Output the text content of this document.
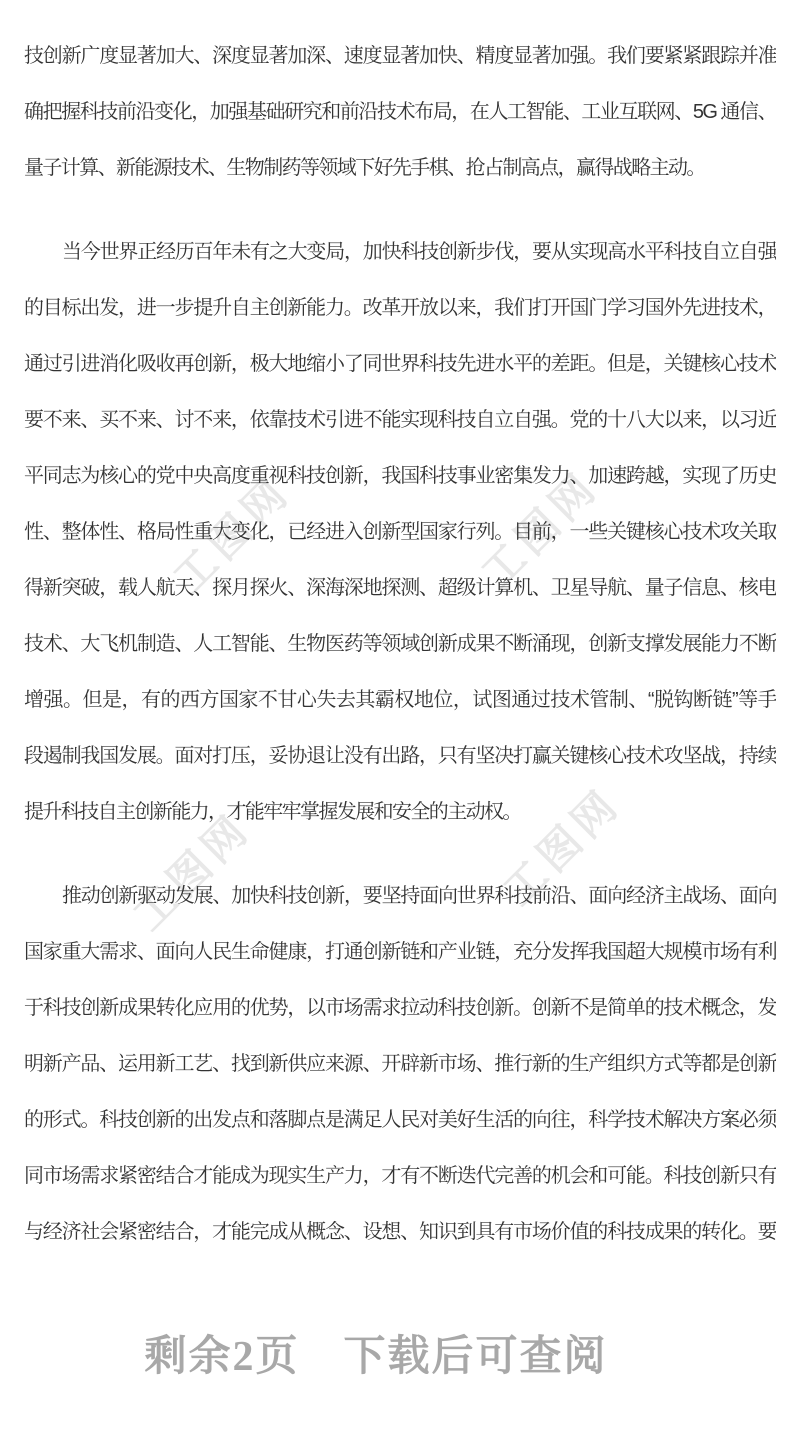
工图网	工图网
工图网	工图网
技创新广度显著加大、深度显著加深、速度显著加快、精度显著加强。我们要紧紧跟踪并准
确把握科技前沿变化，加强基础研究和前沿技术布局，在人工智能、工业互联网、5G 通信、
量子计算、新能源技术、生物制药等领域下好先手棋、抢占制高点，赢得战略主动。
当今世界正经历百年未有之大变局，加快科技创新步伐，要从实现高水平科技自立自强
的目标出发，进一步提升自主创新能力。改革开放以来，我们打开国门学习国外先进技术，
通过引进消化吸收再创新，极大地缩小了同世界科技先进水平的差距。但是，关键核心技术
要不来、买不来、讨不来，依靠技术引进不能实现科技自立自强。党的十八大以来，以习近
平同志为核心的党中央高度重视科技创新，我国科技事业密集发力、加速跨越，实现了历史
性、整体性、格局性重大变化，已经进入创新型国家行列。目前，一些关键核心技术攻关取
得新突破，载人航天、探月探火、深海深地探测、超级计算机、卫星导航、量子信息、核电
技术、大飞机制造、人工智能、生物医药等领域创新成果不断涌现，创新支撑发展能力不断
增强。但是，有的西方国家不甘心失去其霸权地位，试图通过技术管制、“脱钩断链”等手
段遏制我国发展。面对打压，妥协退让没有出路，只有坚决打赢关键核心技术攻坚战，持续
提升科技自主创新能力，才能牢牢掌握发展和安全的主动权。
推动创新驱动发展、加快科技创新，要坚持面向世界科技前沿、面向经济主战场、面向
国家重大需求、面向人民生命健康，打通创新链和产业链，充分发挥我国超大规模市场有利
于科技创新成果转化应用的优势，以市场需求拉动科技创新。创新不是简单的技术概念，发
明新产品、运用新工艺、找到新供应来源、开辟新市场、推行新的生产组织方式等都是创新
的形式。科技创新的出发点和落脚点是满足人民对美好生活的向往，科学技术解决方案必须
同市场需求紧密结合才能成为现实生产力，才有不断迭代完善的机会和可能。科技创新只有
与经济社会紧密结合，才能完成从概念、设想、知识到具有市场价值的科技成果的转化。要
剩余2页 下载后可查阅
